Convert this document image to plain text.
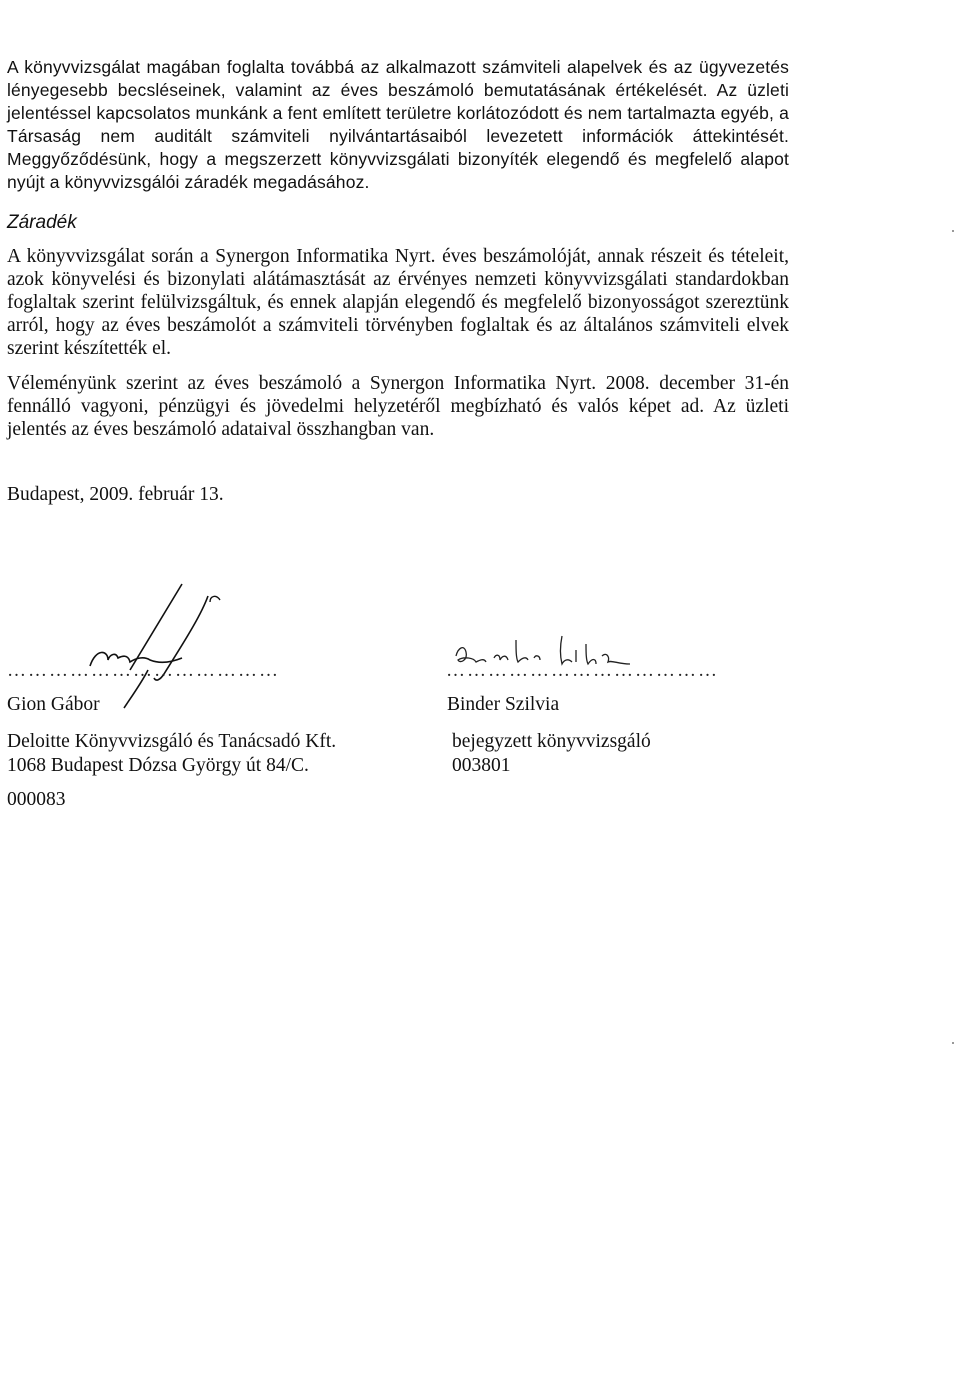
A könyvvizsgálat magában foglalta továbbá az alkalmazott számviteli alapelvek és az ügyvezetés lényegesebb becsléseinek, valamint az éves beszámoló bemutatásának értékelését. Az üzleti jelentéssel kapcsolatos munkánk a fent említett területre korlátozódott és nem tartalmazta egyéb, a Társaság nem auditált számviteli nyilvántartásaiból levezetett információk áttekintését. Meggyőződésünk, hogy a megszerzett könyvvizsgálati bizonyíték elegendő és megfelelő alapot nyújt a könyvvizsgálói záradék megadásához.

Záradék

A könyvvizsgálat során a Synergon Informatika Nyrt. éves beszámolóját, annak részeit és tételeit, azok könyvelési és bizonylati alátámasztását az érvényes nemzeti könyvvizsgálati standardokban foglaltak szerint felülvizsgáltuk, és ennek alapján elegendő és megfelelő bizonyosságot szereztünk arról, hogy az éves beszámolót a számviteli törvényben foglaltak és az általános számviteli elvek szerint készítették el.

Véleményünk szerint az éves beszámoló a Synergon Informatika Nyrt. 2008. december 31-én fennálló vagyoni, pénzügyi és jövedelmi helyzetéről megbízható és valós képet ad. Az üzleti jelentés az éves beszámoló adataival összhangban van.

Budapest, 2009. február 13.
…………………………………
Gion Gábor
Deloitte Könyvvizsgáló és Tanácsadó Kft.
1068 Budapest Dózsa György út 84/C.
000083
…………………………………
Binder Szilvia
bejegyzett könyvvizsgáló
003801
